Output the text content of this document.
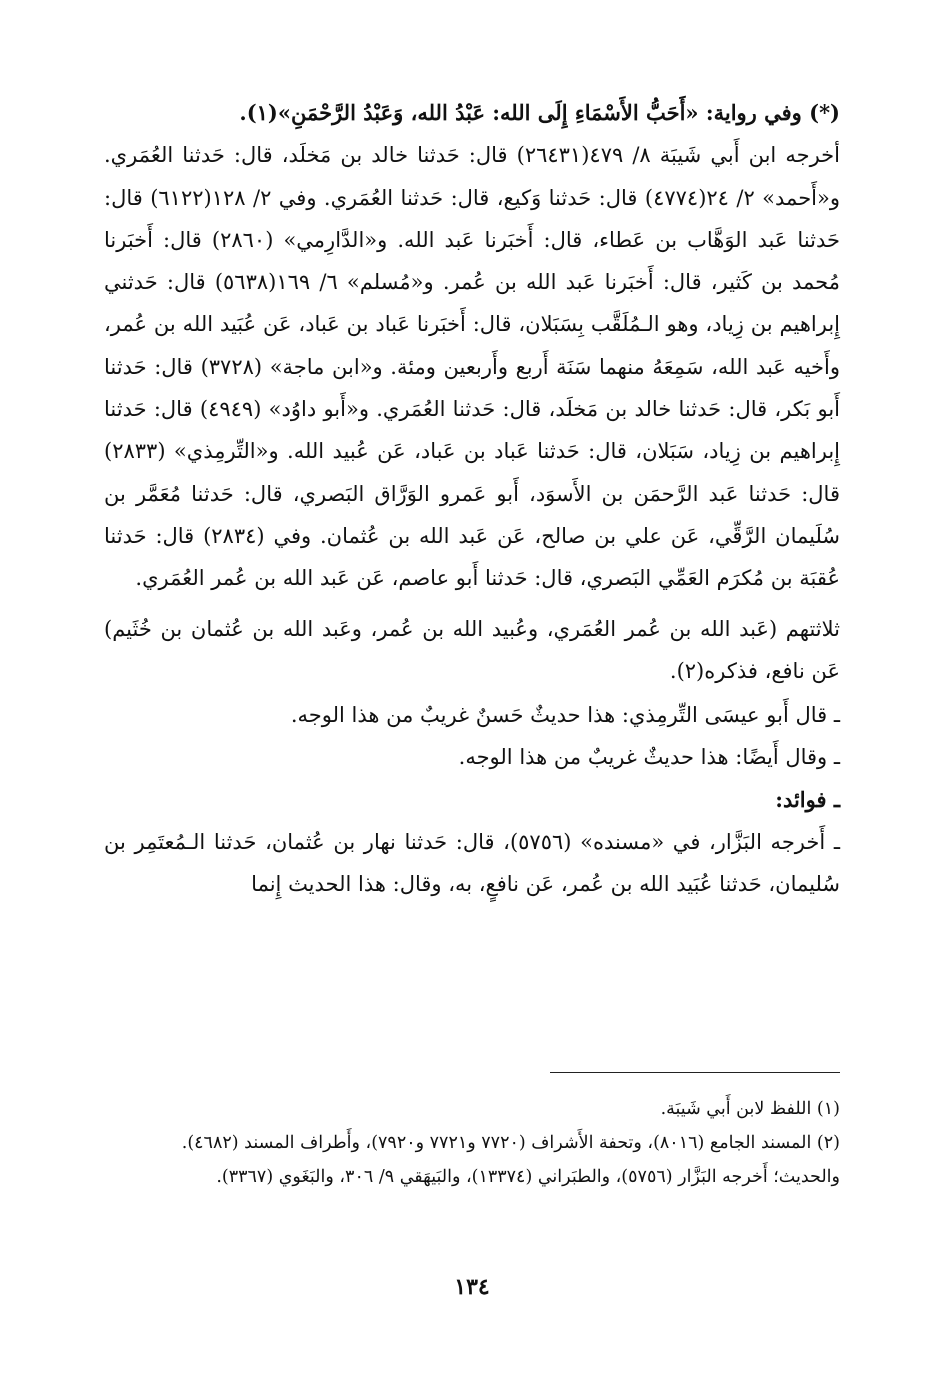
(*) وفي رواية: «أَحَبُّ الأَسْمَاءِ إِلَى الله: عَبْدُ الله، وَعَبْدُ الرَّحْمَنِ»(١).

أخرجه ابن أَبي شَيبَة ٨/ ٤٧٩(٢٦٤٣١) قال: حَدثنا خالد بن مَخلَد، قال: حَدثنا العُمَري. و«أَحمد» ٢/ ٢٤(٤٧٧٤) قال: حَدثنا وَكيع، قال: حَدثنا العُمَري. وفي ٢/ ١٢٨(٦١٢٢) قال: حَدثنا عَبد الوَهَّاب بن عَطاء، قال: أَخبَرنا عَبد الله. و«الدَّارِمي» (٢٨٦٠) قال: أَخبَرنا مُحمد بن كَثير، قال: أَخبَرنا عَبد الله بن عُمر. و«مُسلم» ٦/ ١٦٩(٥٦٣٨) قال: حَدثني إِبراهيم بن زِياد، وهو الـمُلَقَّب بِسَبَلان، قال: أَخبَرنا عَباد بن عَباد، عَن عُبَيد الله بن عُمر، وأَخيه عَبد الله، سَمِعَهُ منهما سَنَة أَربع وأَربعين ومئة. و«ابن ماجة» (٣٧٢٨) قال: حَدثنا أَبو بَكر، قال: حَدثنا خالد بن مَخلَد، قال: حَدثنا العُمَري. و«أَبو داوُد» (٤٩٤٩) قال: حَدثنا إِبراهيم بن زِياد، سَبَلان، قال: حَدثنا عَباد بن عَباد، عَن عُبيد الله. و«التِّرمِذي» (٢٨٣٣) قال: حَدثنا عَبد الرَّحمَن بن الأَسوَد، أَبو عَمرو الوَرَّاق البَصري، قال: حَدثنا مُعَمَّر بن سُلَيمان الرَّقِّي، عَن علي بن صالح، عَن عَبد الله بن عُثمان. وفي (٢٨٣٤) قال: حَدثنا عُقبَة بن مُكرَم العَمِّي البَصري، قال: حَدثنا أَبو عاصم، عَن عَبد الله بن عُمر العُمَري.

ثلاثتهم (عَبد الله بن عُمر العُمَري، وعُبيد الله بن عُمر، وعَبد الله بن عُثمان بن خُثَيم) عَن نافع، فذكره(٢).

ـ قال أَبو عيسَى التِّرمِذي: هذا حديثٌ حَسنٌ غريبٌ من هذا الوجه.

ـ وقال أَيضًا: هذا حديثٌ غريبٌ من هذا الوجه.

ـ فوائد:

ـ أَخرجه البَزَّار، في «مسنده» (٥٧٥٦)، قال: حَدثنا نهار بن عُثمان، حَدثنا الـمُعتَمِر بن سُليمان، حَدثنا عُبَيد الله بن عُمر، عَن نافعٍ، به، وقال: هذا الحديث إِنما

(١) اللفظ لابن أَبي شَيبَة.

(٢) المسند الجامع (٨٠١٦)، وتحفة الأَشراف (٧٧٢٠ و٧٧٢١ و٧٩٢٠)، وأَطراف المسند (٤٦٨٢).

والحديث؛ أَخرجه البَزَّار (٥٧٥٦)، والطبَراني (١٣٣٧٤)، والبَيهَقي ٩/ ٣٠٦، والبَغَوي (٣٣٦٧).

١٣٤
